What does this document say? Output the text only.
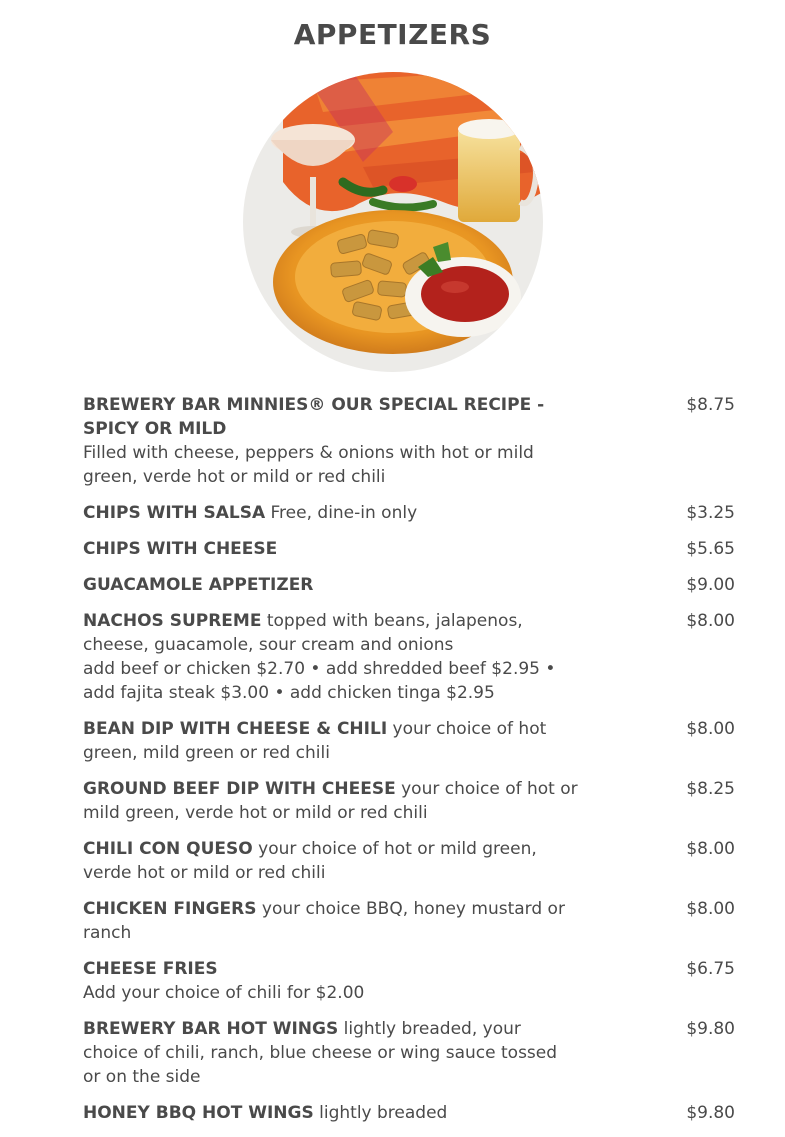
APPETIZERS
BREWERY BAR MINNIES® OUR SPECIAL RECIPE - SPICY OR MILD
Filled with cheese, peppers & onions with hot or mild green, verde hot or mild or red chili
$8.75
CHIPS WITH SALSA Free, dine-in only	$3.25
CHIPS WITH CHEESE	$5.65
GUACAMOLE APPETIZER	$9.00
NACHOS SUPREME topped with beans, jalapenos, cheese, guacamole, sour cream and onions
add beef or chicken $2.70 • add shredded beef $2.95 • add fajita steak $3.00 • add chicken tinga $2.95
$8.00
BEAN DIP WITH CHEESE & CHILI your choice of hot green, mild green or red chili
$8.00
GROUND BEEF DIP WITH CHEESE your choice of hot or mild green, verde hot or mild or red chili
$8.25
CHILI CON QUESO your choice of hot or mild green, verde hot or mild or red chili
$8.00
CHICKEN FINGERS your choice BBQ, honey mustard or ranch
$8.00
CHEESE FRIES
Add your choice of chili for $2.00
$6.75
BREWERY BAR HOT WINGS lightly breaded, your choice of chili, ranch, blue cheese or wing sauce tossed or on the side
$9.80
HONEY BBQ HOT WINGS lightly breaded	$9.80
